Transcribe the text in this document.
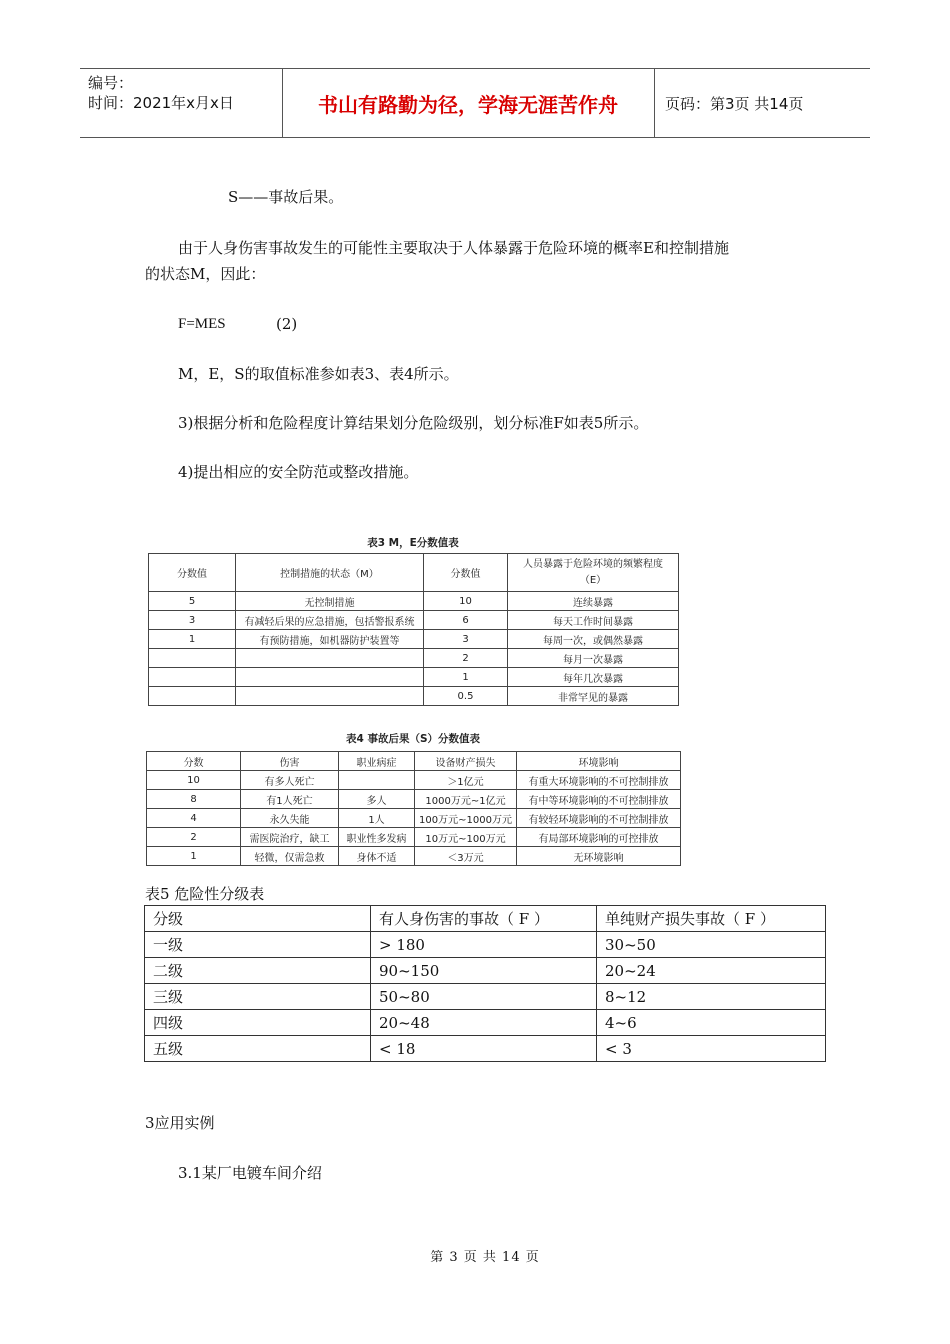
编号：
时间：2021年x月x日	书山有路勤为径，学海无涯苦作舟	页码：第3页 共14页
S——事故后果。
由于人身伤害事故发生的可能性主要取决于人体暴露于危险环境的概率E和控制措施
的状态M，因此：
F=MES	(2)
M，E，S的取值标准参如表3、表4所示。
3)根据分析和危险程度计算结果划分危险级别，划分标准F如表5所示。
4)提出相应的安全防范或整改措施。
表3 M，E分数值表
分数值	控制措施的状态（M）	分数值	人员暴露于危险环境的频繁程度
（E）

5	无控制措施	10	连续暴露
3	有减轻后果的应急措施，包括警报系统	6	每天工作时间暴露
1	有预防措施，如机器防护装置等	3	每周一次，或偶然暴露
		2	每月一次暴露
		1	每年几次暴露
		0.5	非常罕见的暴露
表4 事故后果（S）分数值表
分数	伤害	职业病症	设备财产损失	环境影响
10	有多人死亡		＞1亿元	有重大环境影响的不可控制排放
8	有1人死亡	多人	1000万元~1亿元	有中等环境影响的不可控制排放
4	永久失能	1人	100万元~1000万元	有较轻环境影响的不可控制排放
2	需医院治疗，缺工	职业性多发病	10万元~100万元	有局部环境影响的可控排放
1	轻微，仅需急救	身体不适	＜3万元	无环境影响
表5 危险性分级表
分级	有人身伤害的事故（ F ）	单纯财产损失事故（ F ）
一级	> 180	30~50
二级	90~150	20~24
三级	50~80	8~12
四级	20~48	4~6
五级	< 18	< 3
3应用实例
3.1某厂电镀车间介绍
第 3 页 共 14 页
